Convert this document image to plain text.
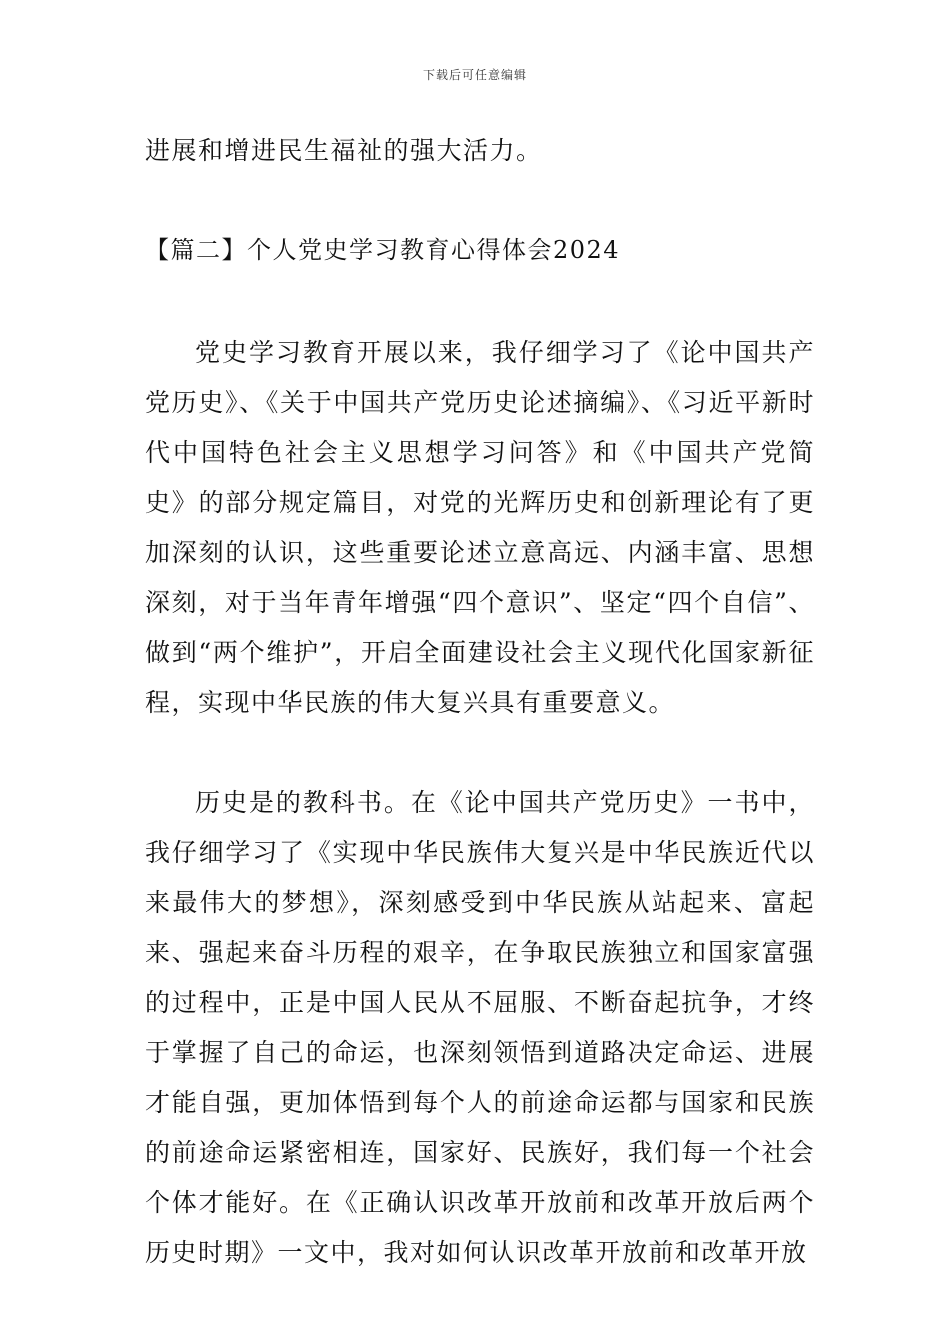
下载后可任意编辑
进展和增进民生福祉的强大活力。
【篇二】个人党史学习教育心得体会2024
党史学习教育开展以来，我仔细学习了《论中国共产党历史》、《关于中国共产党历史论述摘编》、《习近平新时代中国特色社会主义思想学习问答》和《中国共产党简史》的部分规定篇目，对党的光辉历史和创新理论有了更加深刻的认识，这些重要论述立意高远、内涵丰富、思想深刻，对于当年青年增强“四个意识”、坚定“四个自信”、做到“两个维护”，开启全面建设社会主义现代化国家新征程，实现中华民族的伟大复兴具有重要意义。
历史是的教科书。在《论中国共产党历史》一书中，我仔细学习了《实现中华民族伟大复兴是中华民族近代以来最伟大的梦想》，深刻感受到中华民族从站起来、富起来、强起来奋斗历程的艰辛，在争取民族独立和国家富强的过程中，正是中国人民从不屈服、不断奋起抗争，才终于掌握了自己的命运，也深刻领悟到道路决定命运、进展才能自强，更加体悟到每个人的前途命运都与国家和民族的前途命运紧密相连，国家好、民族好，我们每一个社会个体才能好。在《正确认识改革开放前和改革开放后两个历史时期》一文中，我对如何认识改革开放前和改革开放
